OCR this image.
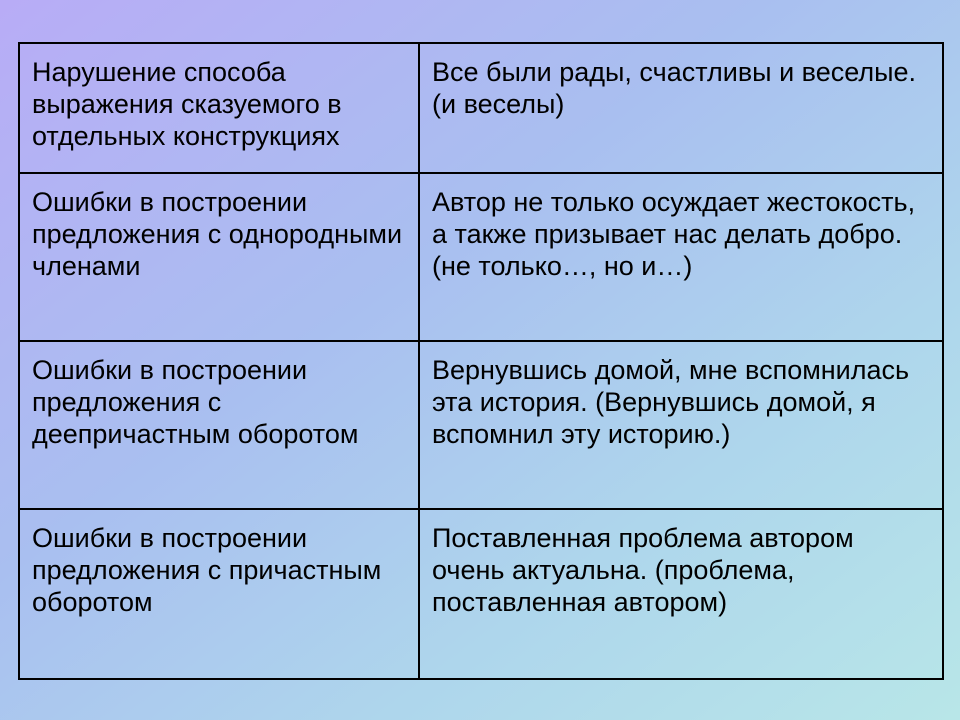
Нарушение способа выражения сказуемого в отдельных конструкциях	Все были рады, счастливы и веселые. (и веселы)
Ошибки в построении предложения с однородными членами	Автор не только осуждает жестокость, а также призывает нас делать добро. (не только…, но и…)
Ошибки в построении предложения с деепричастным оборотом	Вернувшись домой, мне вспомнилась эта история. (Вернувшись домой, я вспомнил эту историю.)
Ошибки в построении предложения с причастным оборотом	Поставленная проблема автором очень актуальна. (проблема, поставленная автором)
